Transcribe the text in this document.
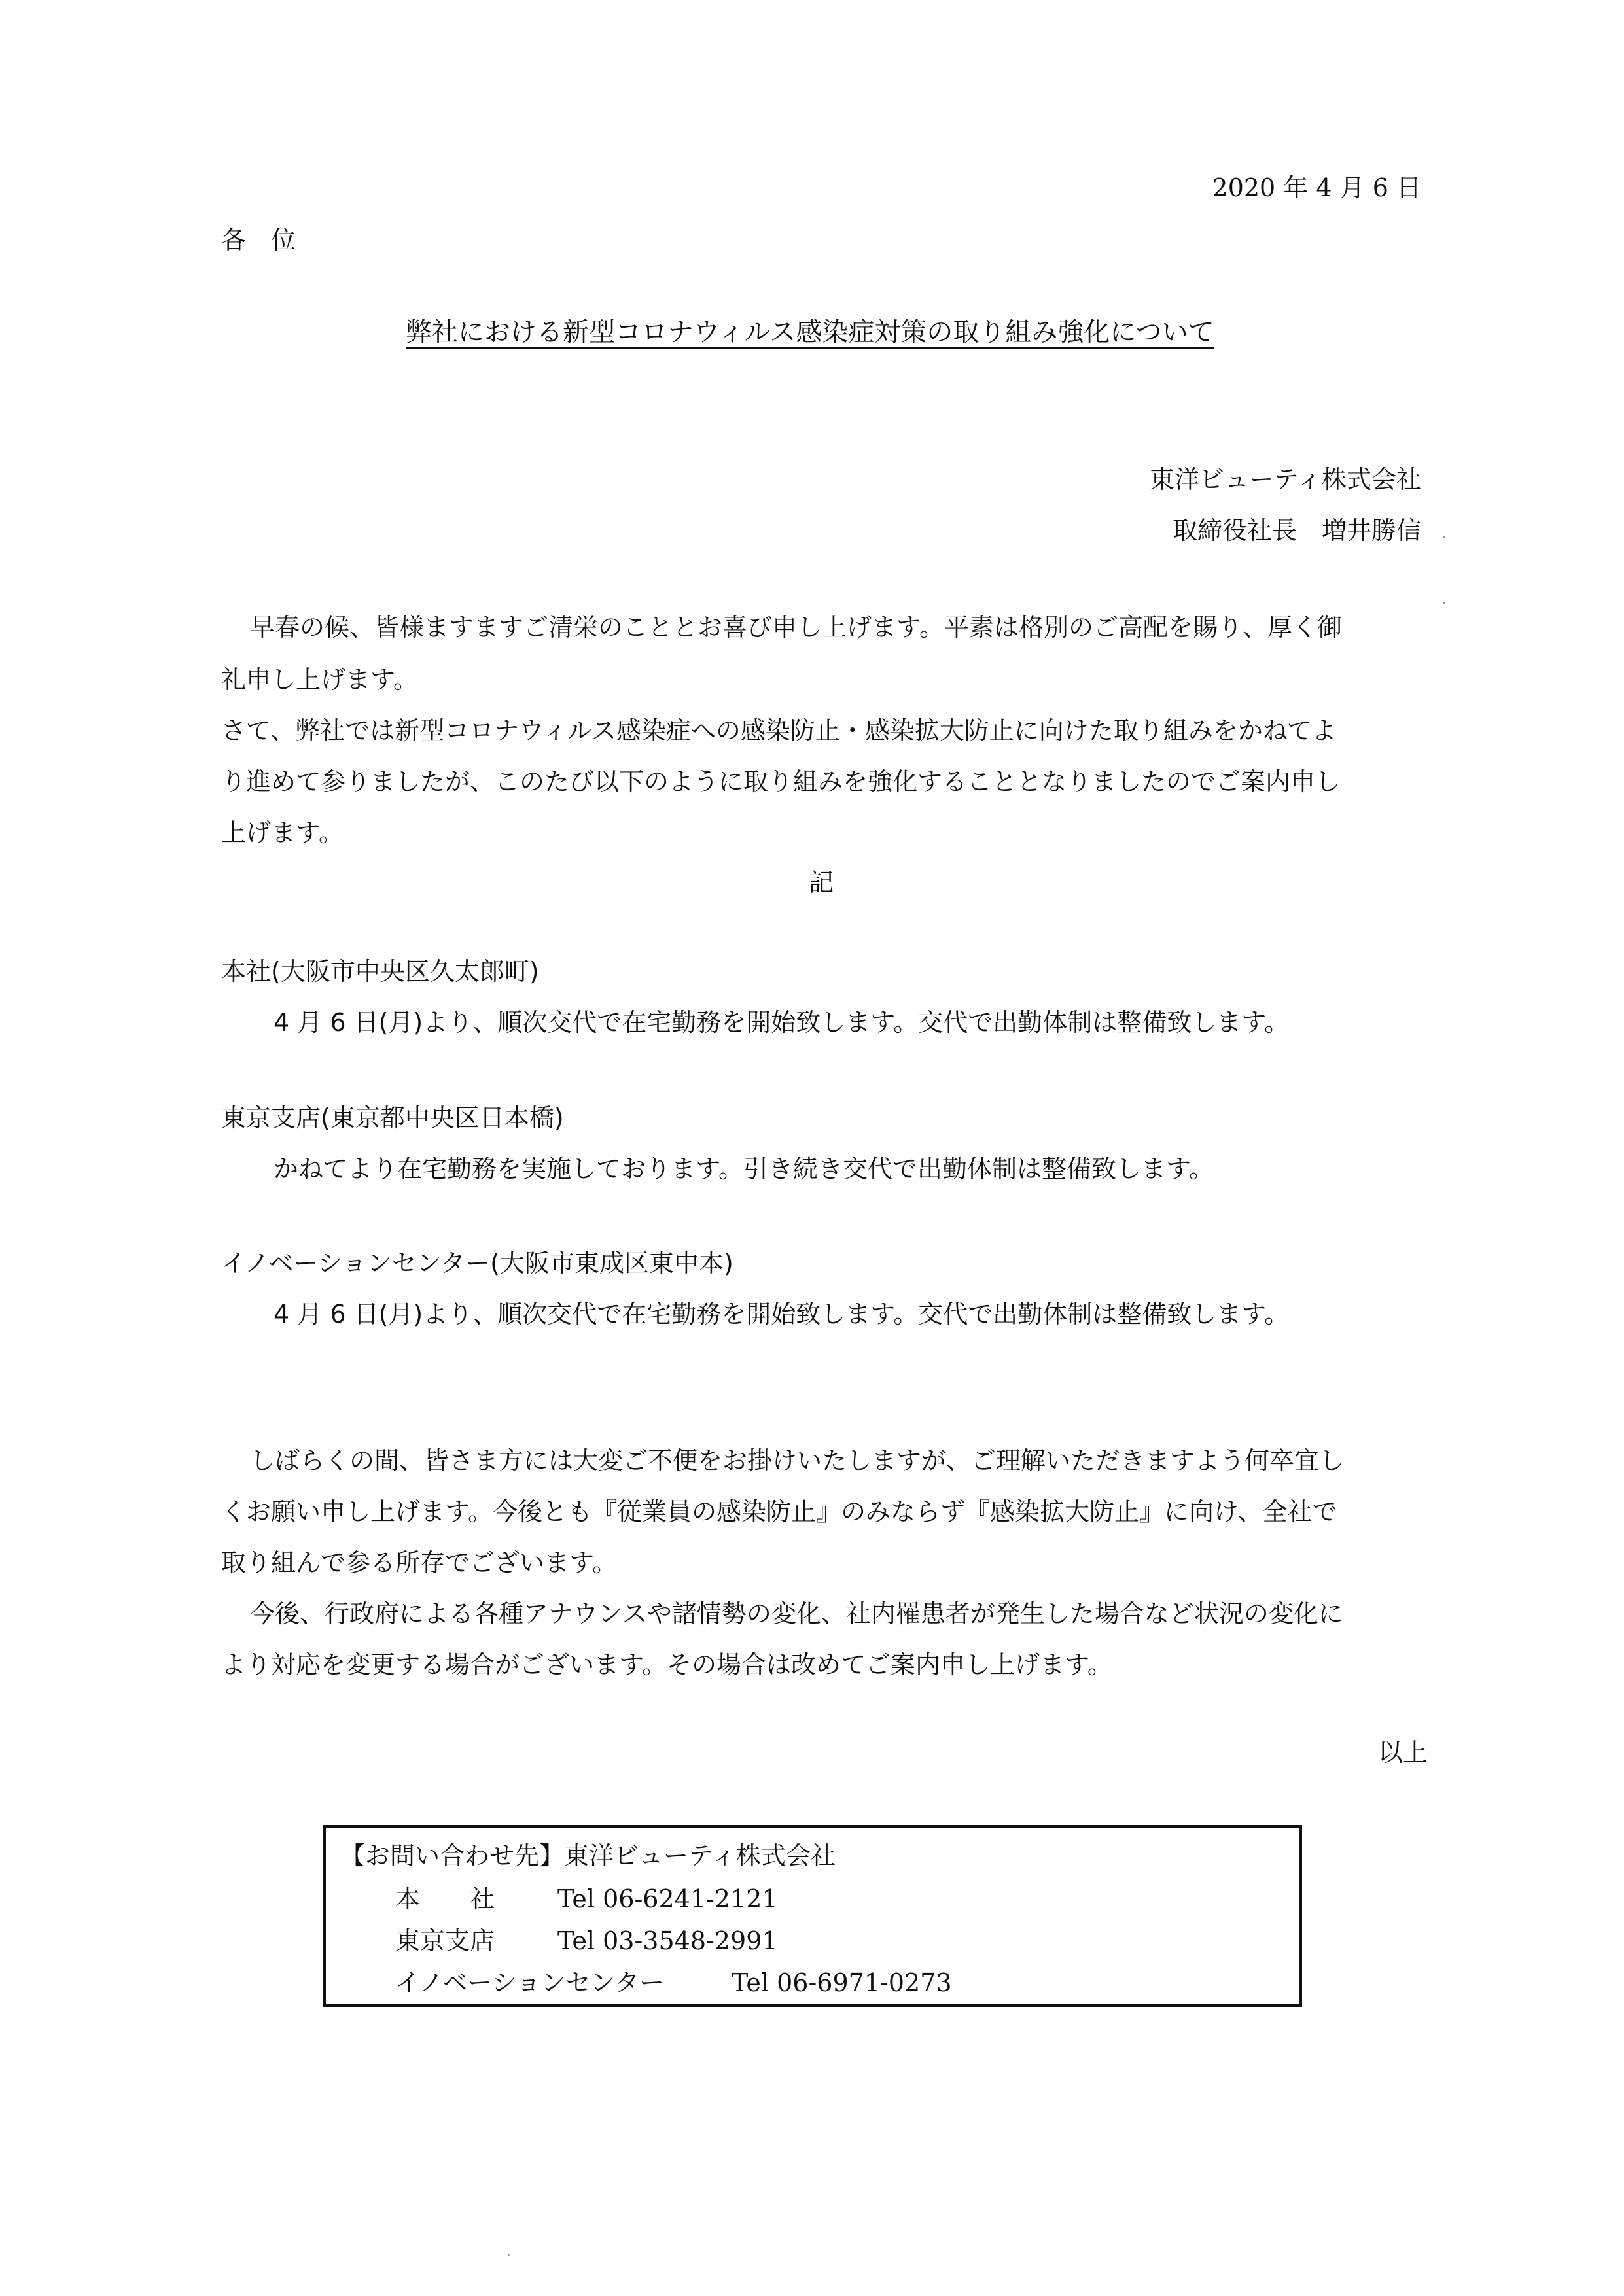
2020 年 4 月 6 日
各　位
弊社における新型コロナウィルス感染症対策の取り組み強化について
東洋ビューティ株式会社
取締役社長　増井勝信
早春の候、皆様ますますご清栄のこととお喜び申し上げます。平素は格別のご高配を賜り、厚く御
礼申し上げます。
さて、弊社では新型コロナウィルス感染症への感染防止・感染拡大防止に向けた取り組みをかねてよ
り進めて参りましたが、このたび以下のように取り組みを強化することとなりましたのでご案内申し
上げます。
記
本社(大阪市中央区久太郎町)
4 月 6 日(月)より、順次交代で在宅勤務を開始致します。交代で出勤体制は整備致します。
東京支店(東京都中央区日本橋)
かねてより在宅勤務を実施しております。引き続き交代で出勤体制は整備致します。
イノベーションセンター(大阪市東成区東中本)
4 月 6 日(月)より、順次交代で在宅勤務を開始致します。交代で出勤体制は整備致します。
しばらくの間、皆さま方には大変ご不便をお掛けいたしますが、ご理解いただきますよう何卒宜し
くお願い申し上げます。今後とも『従業員の感染防止』のみならず『感染拡大防止』に向け、全社で
取り組んで参る所存でございます。
今後、行政府による各種アナウンスや諸情勢の変化、社内罹患者が発生した場合など状況の変化に
より対応を変更する場合がございます。その場合は改めてご案内申し上げます。
以上
【お問い合わせ先】東洋ビューティ株式会社
本　　社	Tel 06-6241-2121
東京支店	Tel 03-3548-2991
イノベーションセンター	Tel 06-6971-0273
